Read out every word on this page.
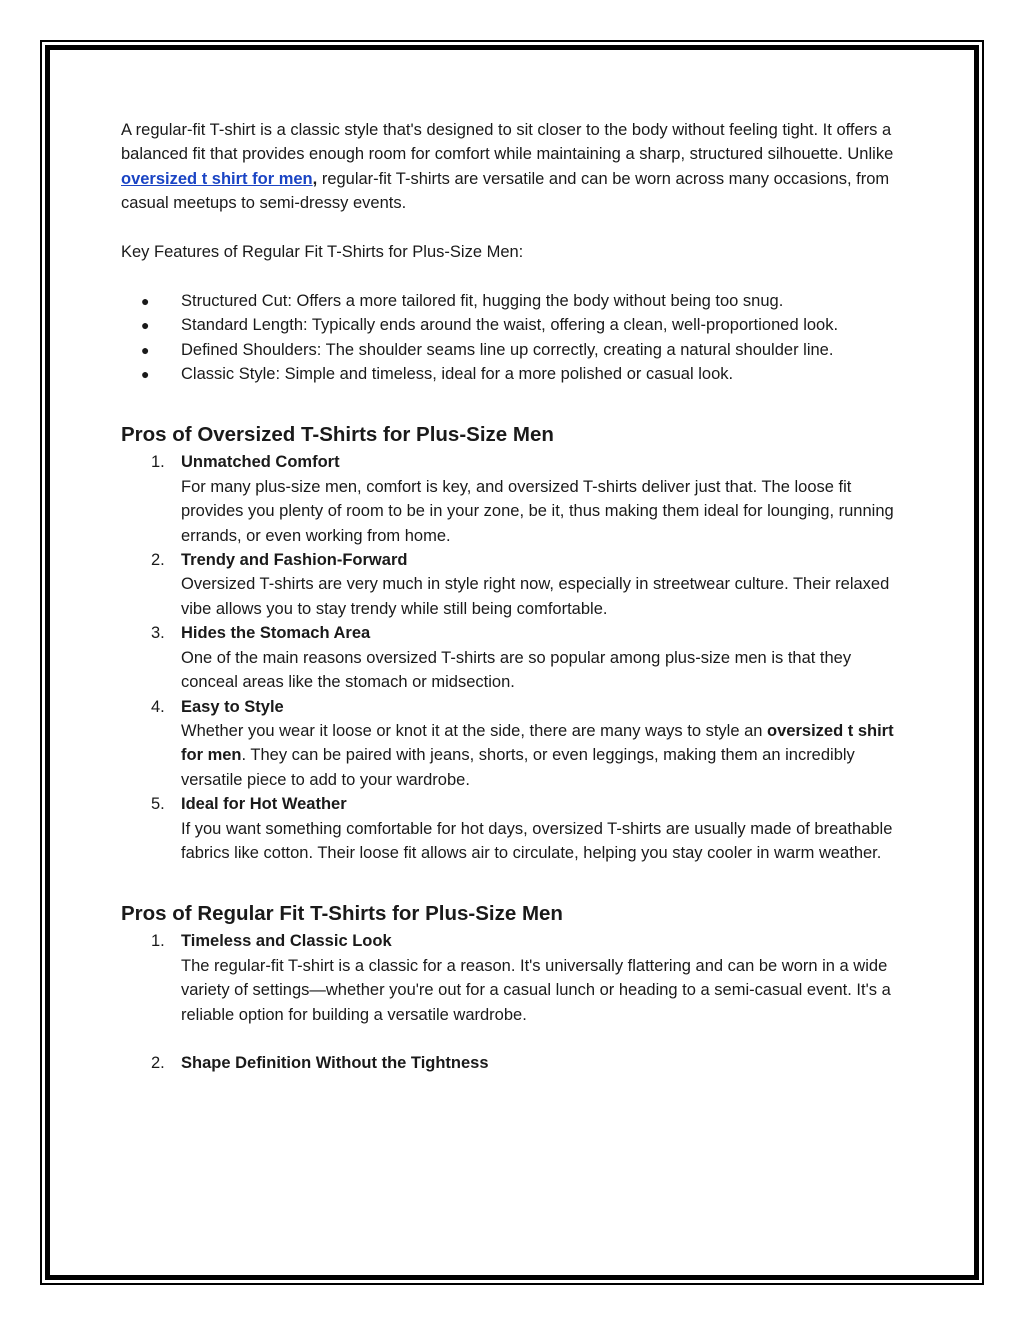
A regular-fit T-shirt is a classic style that's designed to sit closer to the body without feeling tight. It offers a balanced fit that provides enough room for comfort while maintaining a sharp, structured silhouette. Unlike oversized t shirt for men, regular-fit T-shirts are versatile and can be worn across many occasions, from casual meetups to semi-dressy events.

Key Features of Regular Fit T-Shirts for Plus-Size Men:

● Structured Cut: Offers a more tailored fit, hugging the body without being too snug.
● Standard Length: Typically ends around the waist, offering a clean, well-proportioned look.
● Defined Shoulders: The shoulder seams line up correctly, creating a natural shoulder line.
● Classic Style: Simple and timeless, ideal for a more polished or casual look.
Pros of Oversized T-Shirts for Plus-Size Men
1. Unmatched Comfort
For many plus-size men, comfort is key, and oversized T-shirts deliver just that. The loose fit provides you plenty of room to be in your zone, be it, thus making them ideal for lounging, running errands, or even working from home.
2. Trendy and Fashion-Forward
Oversized T-shirts are very much in style right now, especially in streetwear culture. Their relaxed vibe allows you to stay trendy while still being comfortable.
3. Hides the Stomach Area
One of the main reasons oversized T-shirts are so popular among plus-size men is that they conceal areas like the stomach or midsection.
4. Easy to Style
Whether you wear it loose or knot it at the side, there are many ways to style an oversized t shirt for men. They can be paired with jeans, shorts, or even leggings, making them an incredibly versatile piece to add to your wardrobe.
5. Ideal for Hot Weather
If you want something comfortable for hot days, oversized T-shirts are usually made of breathable fabrics like cotton. Their loose fit allows air to circulate, helping you stay cooler in warm weather.
Pros of Regular Fit T-Shirts for Plus-Size Men
1. Timeless and Classic Look
The regular-fit T-shirt is a classic for a reason. It's universally flattering and can be worn in a wide variety of settings—whether you're out for a casual lunch or heading to a semi-casual event. It's a reliable option for building a versatile wardrobe.
2. Shape Definition Without the Tightness
